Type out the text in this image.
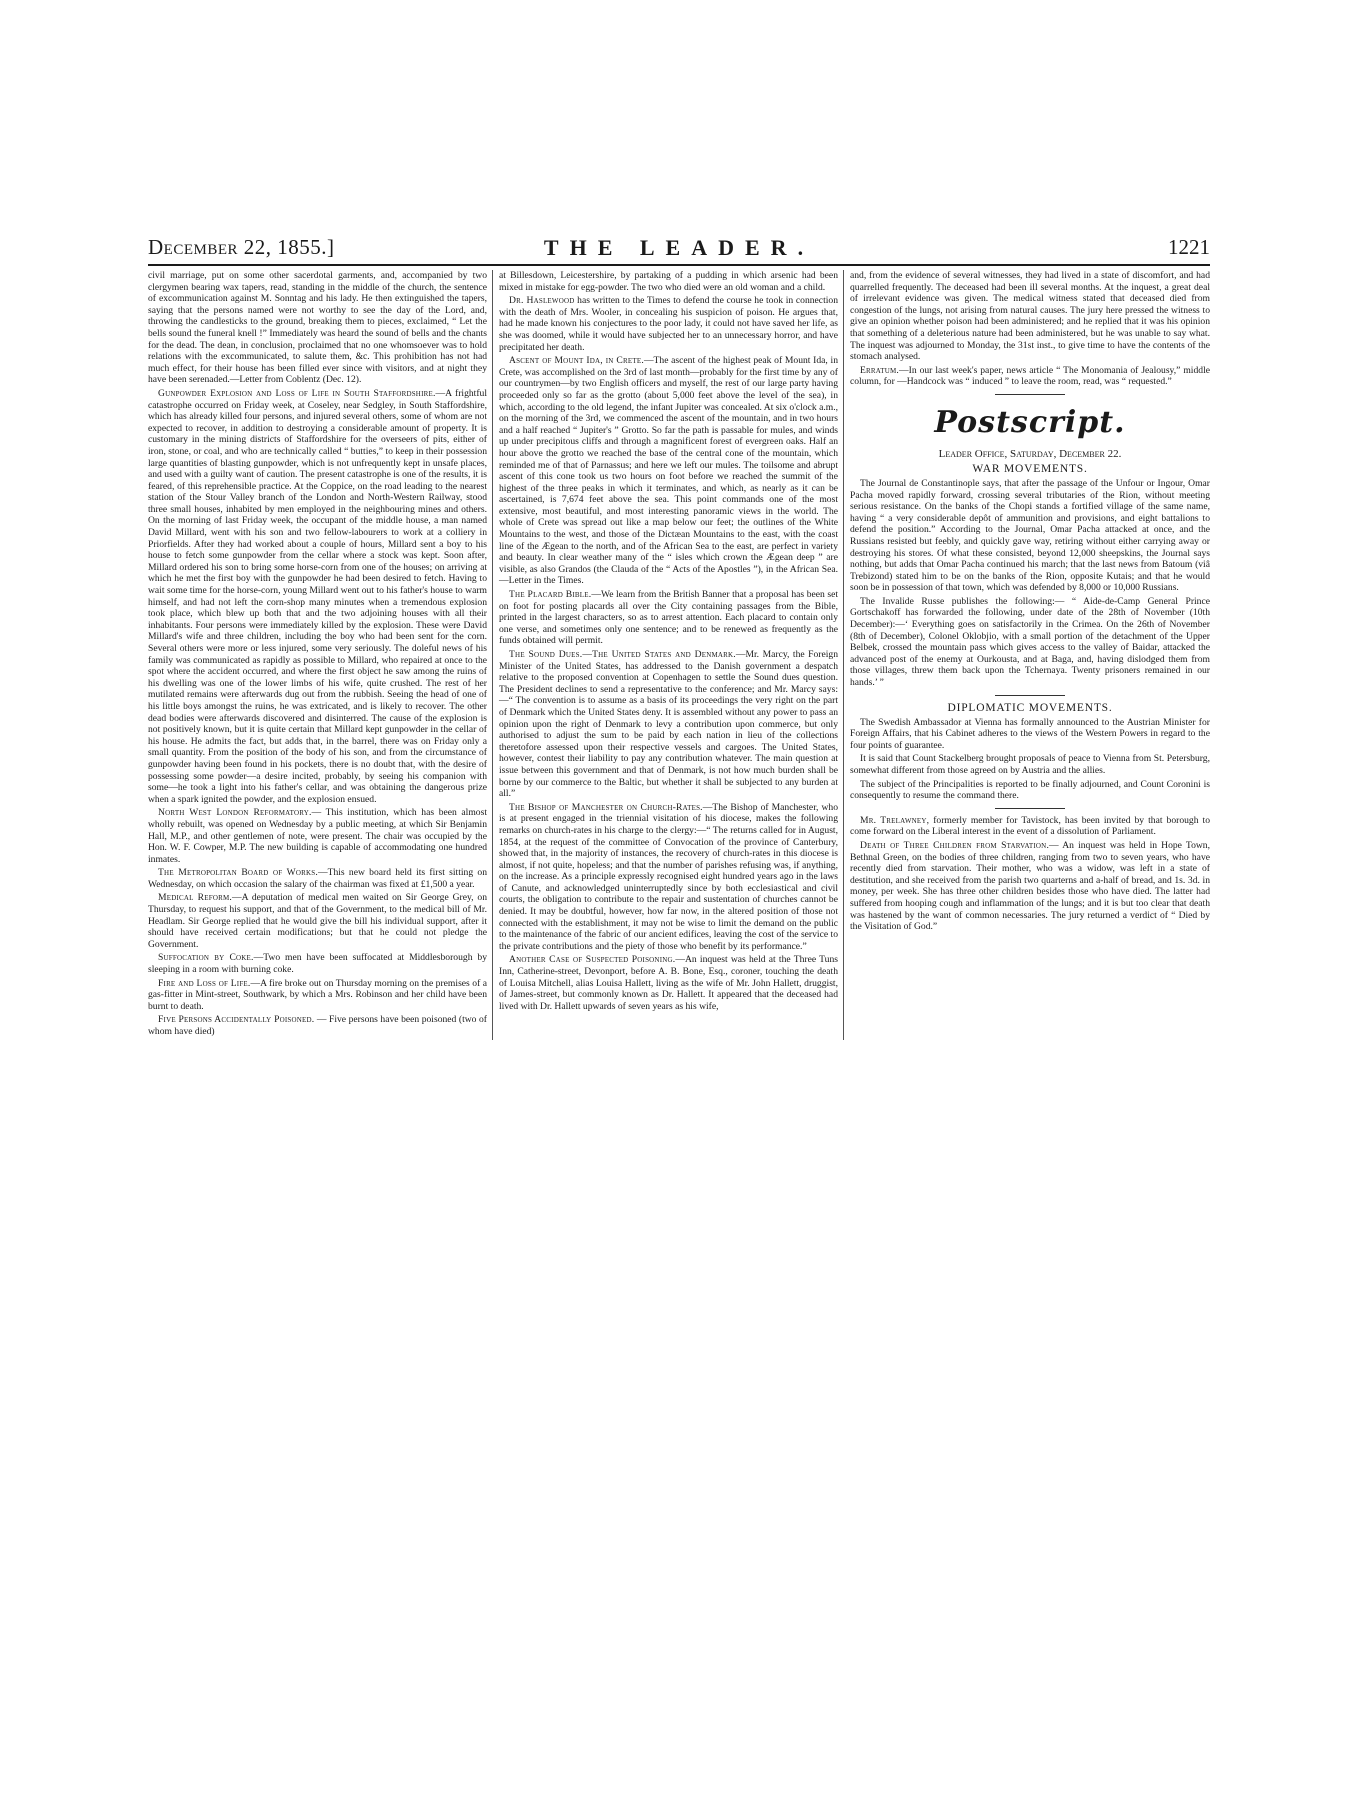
December 22, 1855.]	THE LEADER.	1221

civil marriage, put on some other sacerdotal garments, and, accompanied by two clergymen bearing wax tapers, read, standing in the middle of the church, the sentence of excommunication against M. Sonntag and his lady. He then extinguished the tapers, saying that the persons named were not worthy to see the day of the Lord, and, throwing the candlesticks to the ground, breaking them to pieces, exclaimed, “ Let the bells sound the funeral knell !” Immediately was heard the sound of bells and the chants for the dead. The dean, in conclusion, proclaimed that no one whomsoever was to hold relations with the excommunicated, to salute them, &c. This prohibition has not had much effect, for their house has been filled ever since with visitors, and at night they have been serenaded.—Letter from Coblentz (Dec. 12).

Gunpowder Explosion and Loss of Life in South Staffordshire.—A frightful catastrophe occurred on Friday week, at Coseley, near Sedgley, in South Staffordshire, which has already killed four persons, and injured several others, some of whom are not expected to recover, in addition to destroying a considerable amount of property. It is customary in the mining districts of Staffordshire for the overseers of pits, either of iron, stone, or coal, and who are technically called “ butties,” to keep in their possession large quantities of blasting gunpowder, which is not unfrequently kept in unsafe places, and used with a guilty want of caution. The present catastrophe is one of the results, it is feared, of this reprehensible practice. At the Coppice, on the road leading to the nearest station of the Stour Valley branch of the London and North-Western Railway, stood three small houses, inhabited by men employed in the neighbouring mines and others. On the morning of last Friday week, the occupant of the middle house, a man named David Millard, went with his son and two fellow-labourers to work at a colliery in Priorfields. After they had worked about a couple of hours, Millard sent a boy to his house to fetch some gunpowder from the cellar where a stock was kept. Soon after, Millard ordered his son to bring some horse-corn from one of the houses; on arriving at which he met the first boy with the gunpowder he had been desired to fetch. Having to wait some time for the horse-corn, young Millard went out to his father's house to warm himself, and had not left the corn-shop many minutes when a tremendous explosion took place, which blew up both that and the two adjoining houses with all their inhabitants. Four persons were immediately killed by the explosion. These were David Millard's wife and three children, including the boy who had been sent for the corn. Several others were more or less injured, some very seriously. The doleful news of his family was communicated as rapidly as possible to Millard, who repaired at once to the spot where the accident occurred, and where the first object he saw among the ruins of his dwelling was one of the lower limbs of his wife, quite crushed. The rest of her mutilated remains were afterwards dug out from the rubbish. Seeing the head of one of his little boys amongst the ruins, he was extricated, and is likely to recover. The other dead bodies were afterwards discovered and disinterred. The cause of the explosion is not positively known, but it is quite certain that Millard kept gunpowder in the cellar of his house. He admits the fact, but adds that, in the barrel, there was on Friday only a small quantity. From the position of the body of his son, and from the circumstance of gunpowder having been found in his pockets, there is no doubt that, with the desire of possessing some powder—a desire incited, probably, by seeing his companion with some—he took a light into his father's cellar, and was obtaining the dangerous prize when a spark ignited the powder, and the explosion ensued.

North West London Reformatory.— This institution, which has been almost wholly rebuilt, was opened on Wednesday by a public meeting, at which Sir Benjamin Hall, M.P., and other gentlemen of note, were present. The chair was occupied by the Hon. W. F. Cowper, M.P. The new building is capable of accommodating one hundred inmates.

The Metropolitan Board of Works.—This new board held its first sitting on Wednesday, on which occasion the salary of the chairman was fixed at £1,500 a year.

Medical Reform.—A deputation of medical men waited on Sir George Grey, on Thursday, to request his support, and that of the Government, to the medical bill of Mr. Headlam. Sir George replied that he would give the bill his individual support, after it should have received certain modifications; but that he could not pledge the Government.

Suffocation by Coke.—Two men have been suffocated at Middlesborough by sleeping in a room with burning coke.

Fire and Loss of Life.—A fire broke out on Thursday morning on the premises of a gas-fitter in Mint-street, Southwark, by which a Mrs. Robinson and her child have been burnt to death.

Five Persons Accidentally Poisoned. — Five persons have been poisoned (two of whom have died)

at Billesdown, Leicestershire, by partaking of a pudding in which arsenic had been mixed in mistake for egg-powder. The two who died were an old woman and a child.

Dr. Haslewood has written to the Times to defend the course he took in connection with the death of Mrs. Wooler, in concealing his suspicion of poison. He argues that, had he made known his conjectures to the poor lady, it could not have saved her life, as she was doomed, while it would have subjected her to an unnecessary horror, and have precipitated her death.

Ascent of Mount Ida, in Crete.—The ascent of the highest peak of Mount Ida, in Crete, was accomplished on the 3rd of last month—probably for the first time by any of our countrymen—by two English officers and myself, the rest of our large party having proceeded only so far as the grotto (about 5,000 feet above the level of the sea), in which, according to the old legend, the infant Jupiter was concealed. At six o'clock a.m., on the morning of the 3rd, we commenced the ascent of the mountain, and in two hours and a half reached “ Jupiter's ” Grotto. So far the path is passable for mules, and winds up under precipitous cliffs and through a magnificent forest of evergreen oaks. Half an hour above the grotto we reached the base of the central cone of the mountain, which reminded me of that of Parnassus; and here we left our mules. The toilsome and abrupt ascent of this cone took us two hours on foot before we reached the summit of the highest of the three peaks in which it terminates, and which, as nearly as it can be ascertained, is 7,674 feet above the sea. This point commands one of the most extensive, most beautiful, and most interesting panoramic views in the world. The whole of Crete was spread out like a map below our feet; the outlines of the White Mountains to the west, and those of the Dictæan Mountains to the east, with the coast line of the Ægean to the north, and of the African Sea to the east, are perfect in variety and beauty. In clear weather many of the “ isles which crown the Ægean deep ” are visible, as also Grandos (the Clauda of the “ Acts of the Apostles ”), in the African Sea.—Letter in the Times.

The Placard Bible.—We learn from the British Banner that a proposal has been set on foot for posting placards all over the City containing passages from the Bible, printed in the largest characters, so as to arrest attention. Each placard to contain only one verse, and sometimes only one sentence; and to be renewed as frequently as the funds obtained will permit.

The Sound Dues.—The United States and Denmark.—Mr. Marcy, the Foreign Minister of the United States, has addressed to the Danish government a despatch relative to the proposed convention at Copenhagen to settle the Sound dues question. The President declines to send a representative to the conference; and Mr. Marcy says:—“ The convention is to assume as a basis of its proceedings the very right on the part of Denmark which the United States deny. It is assembled without any power to pass an opinion upon the right of Denmark to levy a contribution upon commerce, but only authorised to adjust the sum to be paid by each nation in lieu of the collections theretofore assessed upon their respective vessels and cargoes. The United States, however, contest their liability to pay any contribution whatever. The main question at issue between this government and that of Denmark, is not how much burden shall be borne by our commerce to the Baltic, but whether it shall be subjected to any burden at all.”

The Bishop of Manchester on Church-Rates.—The Bishop of Manchester, who is at present engaged in the triennial visitation of his diocese, makes the following remarks on church-rates in his charge to the clergy:—“ The returns called for in August, 1854, at the request of the committee of Convocation of the province of Canterbury, showed that, in the majority of instances, the recovery of church-rates in this diocese is almost, if not quite, hopeless; and that the number of parishes refusing was, if anything, on the increase. As a principle expressly recognised eight hundred years ago in the laws of Canute, and acknowledged uninterruptedly since by both ecclesiastical and civil courts, the obligation to contribute to the repair and sustentation of churches cannot be denied. It may be doubtful, however, how far now, in the altered position of those not connected with the establishment, it may not be wise to limit the demand on the public to the maintenance of the fabric of our ancient edifices, leaving the cost of the service to the private contributions and the piety of those who benefit by its performance.”

Another Case of Suspected Poisoning.—An inquest was held at the Three Tuns Inn, Catherine-street, Devonport, before A. B. Bone, Esq., coroner, touching the death of Louisa Mitchell, alias Louisa Hallett, living as the wife of Mr. John Hallett, druggist, of James-street, but commonly known as Dr. Hallett. It appeared that the deceased had lived with Dr. Hallett upwards of seven years as his wife,

and, from the evidence of several witnesses, they had lived in a state of discomfort, and had quarrelled frequently. The deceased had been ill several months. At the inquest, a great deal of irrelevant evidence was given. The medical witness stated that deceased died from congestion of the lungs, not arising from natural causes. The jury here pressed the witness to give an opinion whether poison had been administered; and he replied that it was his opinion that something of a deleterious nature had been administered, but he was unable to say what. The inquest was adjourned to Monday, the 31st inst., to give time to have the contents of the stomach analysed.

Erratum.—In our last week's paper, news article “ The Monomania of Jealousy,” middle column, for —Handcock was “ induced ” to leave the room, read, was “ requested.”

Postscript.
Leader Office, Saturday, December 22.
WAR MOVEMENTS.

The Journal de Constantinople says, that after the passage of the Unfour or Ingour, Omar Pacha moved rapidly forward, crossing several tributaries of the Rion, without meeting serious resistance. On the banks of the Chopi stands a fortified village of the same name, having “ a very considerable depôt of ammunition and provisions, and eight battalions to defend the position.” According to the Journal, Omar Pacha attacked at once, and the Russians resisted but feebly, and quickly gave way, retiring without either carrying away or destroying his stores. Of what these consisted, beyond 12,000 sheepskins, the Journal says nothing, but adds that Omar Pacha continued his march; that the last news from Batoum (viâ Trebizond) stated him to be on the banks of the Rion, opposite Kutais; and that he would soon be in possession of that town, which was defended by 8,000 or 10,000 Russians.

The Invalide Russe publishes the following:— “ Aide-de-Camp General Prince Gortschakoff has forwarded the following, under date of the 28th of November (10th December):—‘ Everything goes on satisfactorily in the Crimea. On the 26th of November (8th of December), Colonel Oklobjio, with a small portion of the detachment of the Upper Belbek, crossed the mountain pass which gives access to the valley of Baidar, attacked the advanced post of the enemy at Ourkousta, and at Baga, and, having dislodged them from those villages, threw them back upon the Tchernaya. Twenty prisoners remained in our hands.’ ”

DIPLOMATIC MOVEMENTS.

The Swedish Ambassador at Vienna has formally announced to the Austrian Minister for Foreign Affairs, that his Cabinet adheres to the views of the Western Powers in regard to the four points of guarantee.

It is said that Count Stackelberg brought proposals of peace to Vienna from St. Petersburg, somewhat different from those agreed on by Austria and the allies.

The subject of the Principalities is reported to be finally adjourned, and Count Coronini is consequently to resume the command there.

Mr. Trelawney, formerly member for Tavistock, has been invited by that borough to come forward on the Liberal interest in the event of a dissolution of Parliament.

Death of Three Children from Starvation.— An inquest was held in Hope Town, Bethnal Green, on the bodies of three children, ranging from two to seven years, who have recently died from starvation. Their mother, who was a widow, was left in a state of destitution, and she received from the parish two quarterns and a-half of bread, and 1s. 3d. in money, per week. She has three other children besides those who have died. The latter had suffered from hooping cough and inflammation of the lungs; and it is but too clear that death was hastened by the want of common necessaries. The jury returned a verdict of “ Died by the Visitation of God.”
